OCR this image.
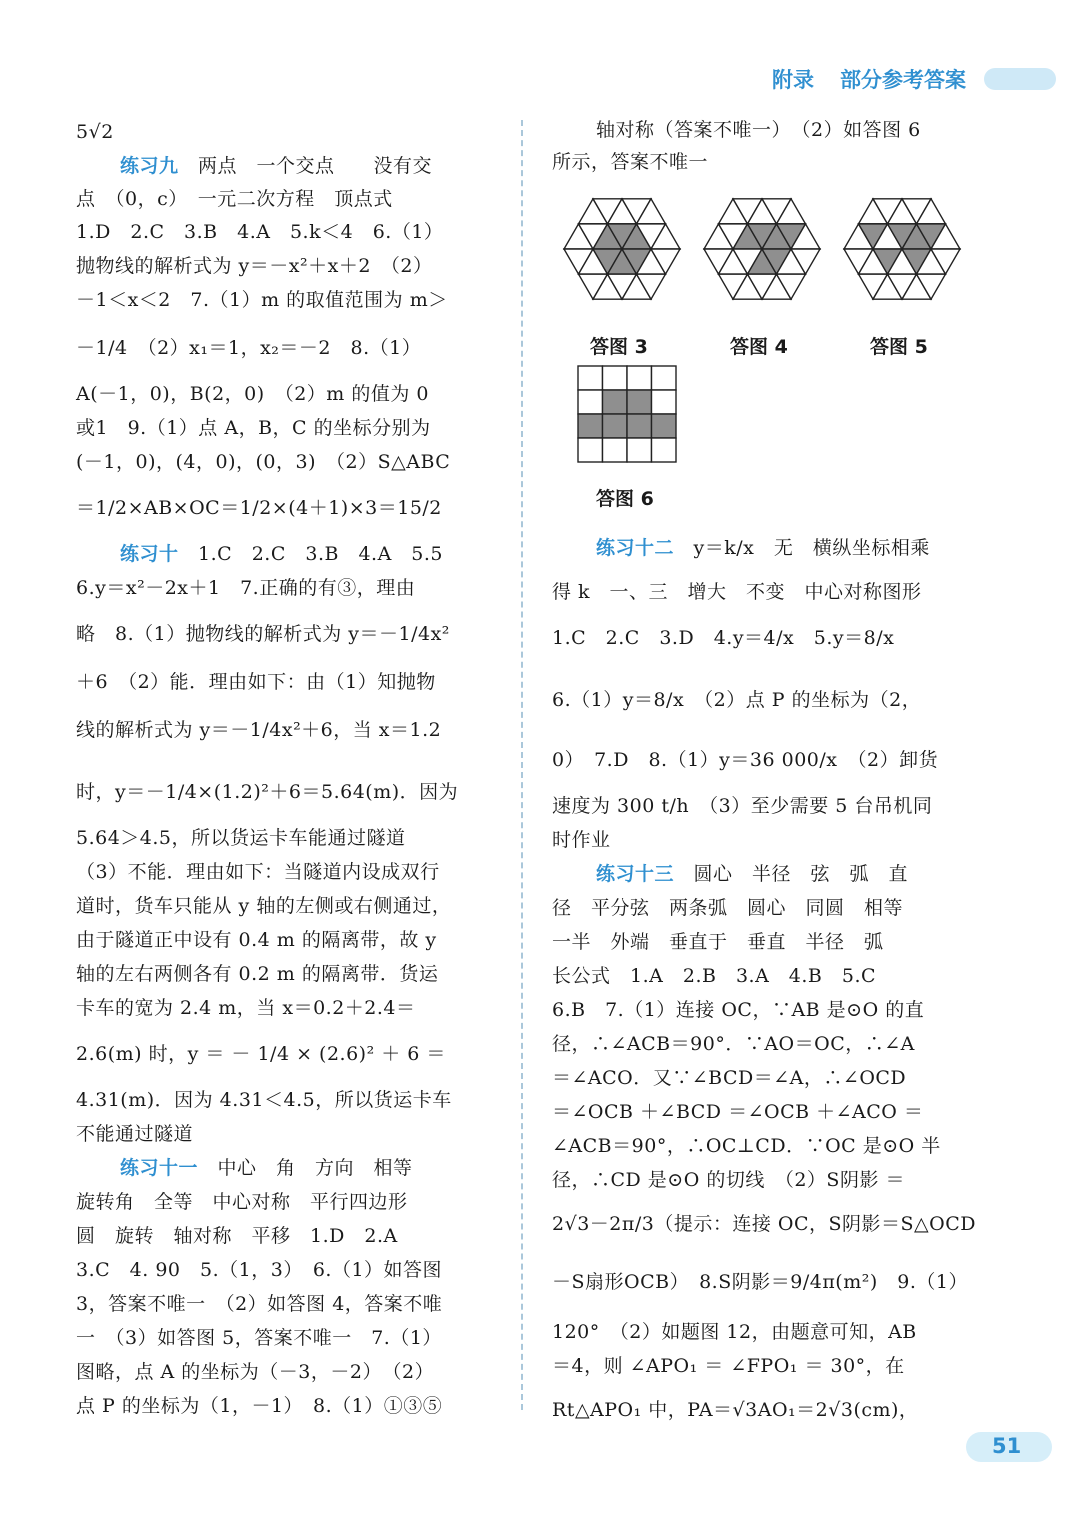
附录 部分参考答案
5√2
练习九　 两点　一个交点　　没有交
点　（0，c）　一元二次方程　顶点式
1.D　2.C　3.B　4.A　5.k＜4　6.（1）
抛物线的解析式为 y＝－x²＋x＋2　（2）
－1＜x＜2　7.（1）m 的取值范围为 m＞
－1/4　（2）x₁＝1，x₂＝－2　8.（1）
A(－1，0)，B(2，0)　（2）m 的值为 0
或1　9.（1）点 A，B，C 的坐标分别为
(－1，0)，(4，0)，(0，3)　（2）S△ABC
＝1/2×AB×OC＝1/2×(4＋1)×3＝15/2
练习十　 1.C　2.C　3.B　4.A　5.5
6.y＝x²－2x＋1　7.正确的有③，理由
略　8.（1）抛物线的解析式为 y＝－1/4x²
＋6　（2）能．理由如下：由（1）知抛物
线的解析式为 y＝－1/4x²＋6，当 x＝1.2
时，y＝－1/4×(1.2)²＋6＝5.64(m)．因为
5.64＞4.5，所以货运卡车能通过隧道
（3）不能．理由如下：当隧道内设成双行
道时，货车只能从 y 轴的左侧或右侧通过，
由于隧道正中设有 0.4 m 的隔离带，故 y
轴的左右两侧各有 0.2 m 的隔离带．货运
卡车的宽为 2.4 m，当 x＝0.2＋2.4＝
2.6(m) 时，y ＝ － 1/4 × (2.6)² ＋ 6 ＝
4.31(m)．因为 4.31＜4.5，所以货运卡车
不能通过隧道
练习十一　 中心　角　方向　相等
旋转角　全等　中心对称　平行四边形
圆　旋转　轴对称　平移　1.D　2.A
3.C　4. 90　5.（1，3）　6.（1）如答图
3，答案不唯一　（2）如答图 4，答案不唯
一　（3）如答图 5，答案不唯一　7.（1）
图略，点 A 的坐标为（－3，－2）　（2）
点 P 的坐标为（1，－1）　8.（1）①③⑤
轴对称（答案不唯一）　（2）如答图 6
所示，答案不唯一
练习十二　 y＝k/x　无　横纵坐标相乘
得 k　一、三　增大　不变　中心对称图形
1.C　2.C　3.D　4.y＝4/x　5.y＝8/x
6.（1）y＝8/x　（2）点 P 的坐标为（2，
0）　7.D　8.（1）y＝36 000/x　（2）卸货
速度为 300 t/h　（3）至少需要 5 台吊机同
时作业
练习十三　 圆心　半径　弦　弧　直
径　平分弦　两条弧　圆心　同圆　相等
一半　外端　垂直于　垂直　半径　弧
长公式　1.A　2.B　3.A　4.B　5.C
6.B　7.（1）连接 OC，∵AB 是⊙O 的直
径，∴∠ACB＝90°．∵AO＝OC，∴∠A
＝∠ACO．又∵∠BCD＝∠A，∴∠OCD
＝∠OCB ＋∠BCD ＝∠OCB ＋∠ACO ＝
∠ACB＝90°，∴OC⊥CD．∵OC 是⊙O 半
径，∴CD 是⊙O 的切线　（2）S阴影 ＝
2√3－2π/3（提示：连接 OC，S阴影＝S△OCD
－S扇形OCB）　8.S阴影＝9/4π(m²)　9.（1）
120°　（2）如题图 12，由题意可知，AB
＝4，则 ∠APO₁ ＝ ∠FPO₁ ＝ 30°，在
Rt△APO₁ 中，PA＝√3AO₁＝2√3(cm)，
答图 3	答图 4	答图 5
答图 6
51
